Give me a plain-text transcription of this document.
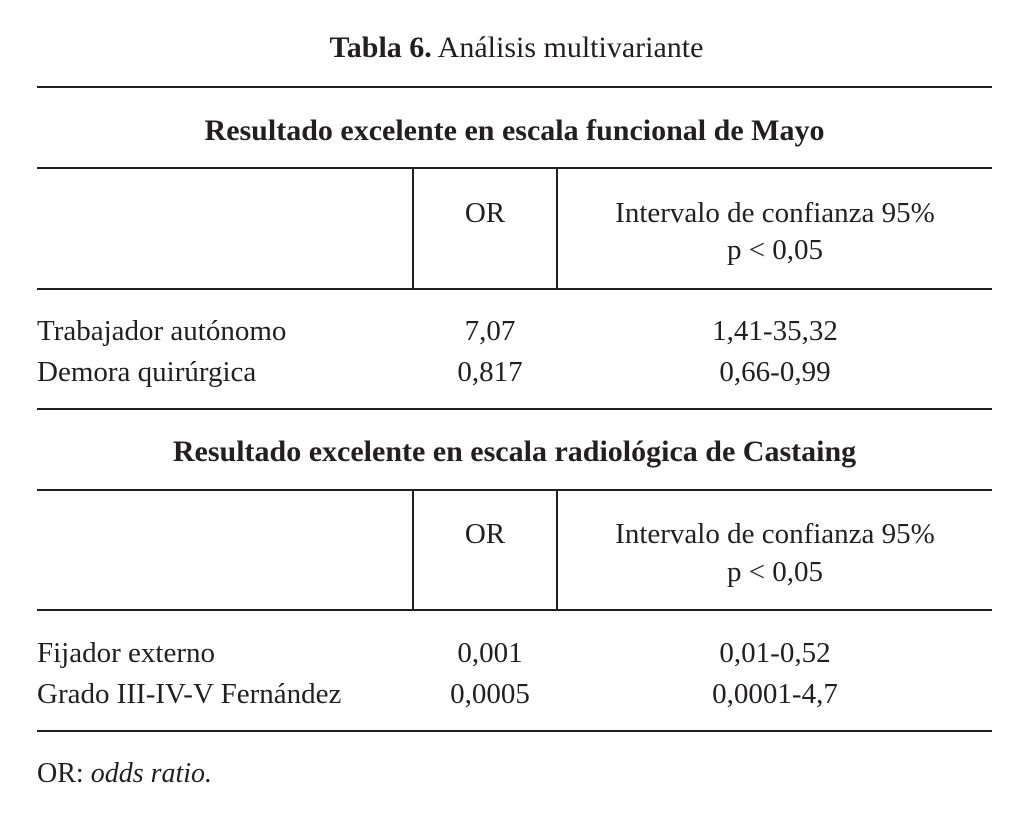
Tabla 6. Análisis multivariante
Resultado excelente en escala funcional de Mayo
OR	Intervalo de confianza 95%
p < 0,05
Trabajador autónomo	7,07	1,41-35,32
Demora quirúrgica	0,817	0,66-0,99
Resultado excelente en escala radiológica de Castaing
OR	Intervalo de confianza 95%
p < 0,05
Fijador externo	0,001	0,01-0,52
Grado III-IV-V Fernández	0,0005	0,0001-4,7
OR: odds ratio.
